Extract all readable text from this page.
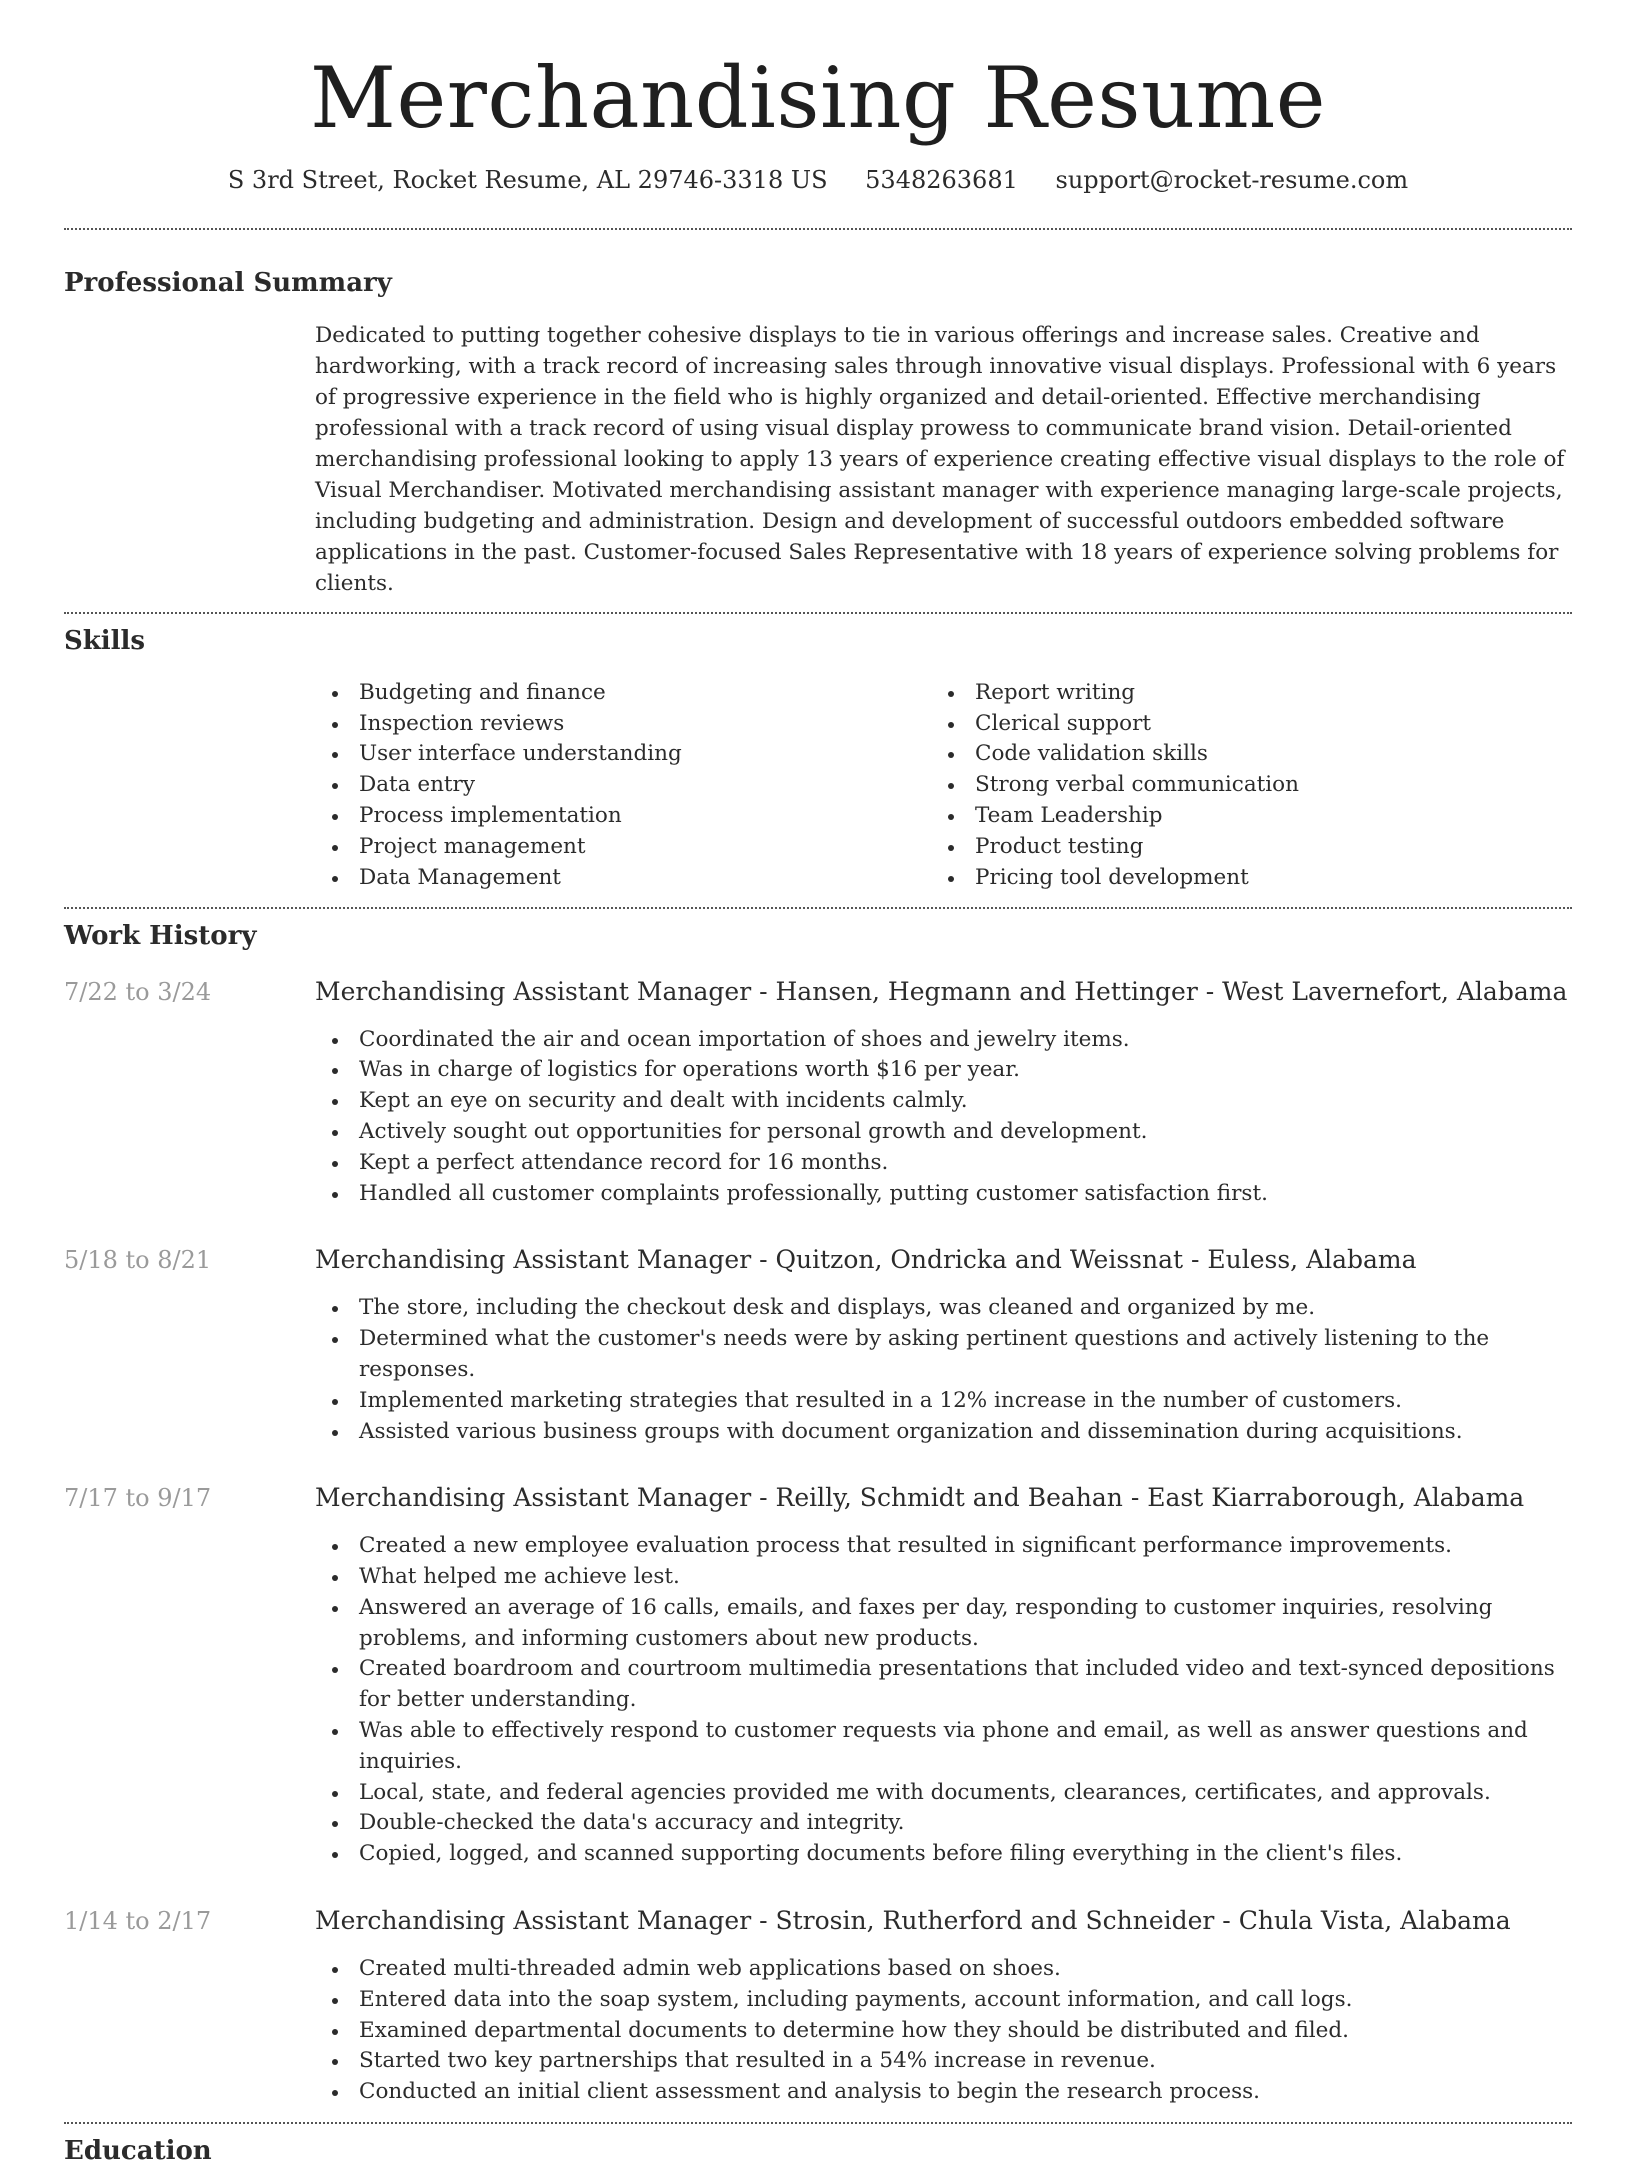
Merchandising Resume
S 3rd Street, Rocket Resume, AL 29746-3318 US 5348263681 support@rocket-resume.com
Professional Summary

Dedicated to putting together cohesive displays to tie in various offerings and increase sales. Creative and hardworking, with a track record of increasing sales through innovative visual displays. Professional with 6 years of progressive experience in the field who is highly organized and detail-oriented. Effective merchandising professional with a track record of using visual display prowess to communicate brand vision. Detail-oriented merchandising professional looking to apply 13 years of experience creating effective visual displays to the role of Visual Merchandiser. Motivated merchandising assistant manager with experience managing large-scale projects, including budgeting and administration. Design and development of successful outdoors embedded software applications in the past. Customer-focused Sales Representative with 18 years of experience solving problems for clients.

Skills
Budgeting and finance
Inspection reviews
User interface understanding
Data entry
Process implementation
Project management
Data Management
Report writing
Clerical support
Code validation skills
Strong verbal communication
Team Leadership
Product testing
Pricing tool development
Work History
7/22 to 3/24	Merchandising Assistant Manager - Hansen, Hegmann and Hettinger - West Lavernefort, Alabama
Coordinated the air and ocean importation of shoes and jewelry items.
Was in charge of logistics for operations worth $16 per year.
Kept an eye on security and dealt with incidents calmly.
Actively sought out opportunities for personal growth and development.
Kept a perfect attendance record for 16 months.
Handled all customer complaints professionally, putting customer satisfaction first.
5/18 to 8/21	Merchandising Assistant Manager - Quitzon, Ondricka and Weissnat - Euless, Alabama
The store, including the checkout desk and displays, was cleaned and organized by me.
Determined what the customer's needs were by asking pertinent questions and actively listening to the responses.
Implemented marketing strategies that resulted in a 12% increase in the number of customers.
Assisted various business groups with document organization and dissemination during acquisitions.
7/17 to 9/17	Merchandising Assistant Manager - Reilly, Schmidt and Beahan - East Kiarraborough, Alabama
Created a new employee evaluation process that resulted in significant performance improvements.
What helped me achieve lest.
Answered an average of 16 calls, emails, and faxes per day, responding to customer inquiries, resolving problems, and informing customers about new products.
Created boardroom and courtroom multimedia presentations that included video and text-synced depositions for better understanding.
Was able to effectively respond to customer requests via phone and email, as well as answer questions and inquiries.
Local, state, and federal agencies provided me with documents, clearances, certificates, and approvals.
Double-checked the data's accuracy and integrity.
Copied, logged, and scanned supporting documents before filing everything in the client's files.
1/14 to 2/17	Merchandising Assistant Manager - Strosin, Rutherford and Schneider - Chula Vista, Alabama
Created multi-threaded admin web applications based on shoes.
Entered data into the soap system, including payments, account information, and call logs.
Examined departmental documents to determine how they should be distributed and filed.
Started two key partnerships that resulted in a 54% increase in revenue.
Conducted an initial client assessment and analysis to begin the research process.
Education
